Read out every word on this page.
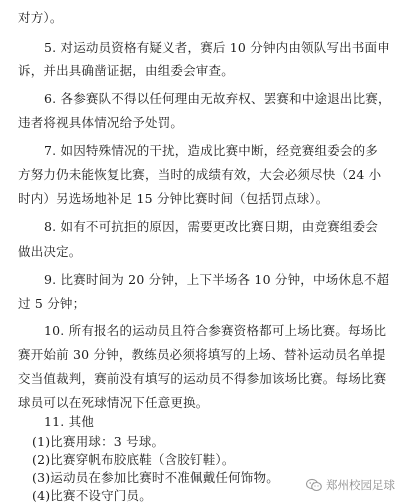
对方）。
5. 对运动员资格有疑义者，赛后 10 分钟内由领队写出书面申
诉，并出具确凿证据，由组委会审查。
6. 各参赛队不得以任何理由无故弃权、罢赛和中途退出比赛，
违者将视具体情况给予处罚。
7. 如因特殊情况的干扰，造成比赛中断，经竞赛组委会的多
方努力仍未能恢复比赛，当时的成绩有效，大会必须尽快（24 小
时内）另选场地补足 15 分钟比赛时间（包括罚点球）。
8. 如有不可抗拒的原因，需要更改比赛日期，由竞赛组委会
做出决定。
9. 比赛时间为 20 分钟，上下半场各 10 分钟，中场休息不超
过 5 分钟；
10. 所有报名的运动员且符合参赛资格都可上场比赛。每场比
赛开始前 30 分钟，教练员必须将填写的上场、替补运动员名单提
交当值裁判，赛前没有填写的运动员不得参加该场比赛。每场比赛
球员可以在死球情况下任意更换。
11. 其他
(1)比赛用球：3 号球。
(2)比赛穿帆布胶底鞋（含胶钉鞋）。
(3)运动员在参加比赛时不准佩戴任何饰物。
(4)比赛不设守门员。
郑州校园足球
